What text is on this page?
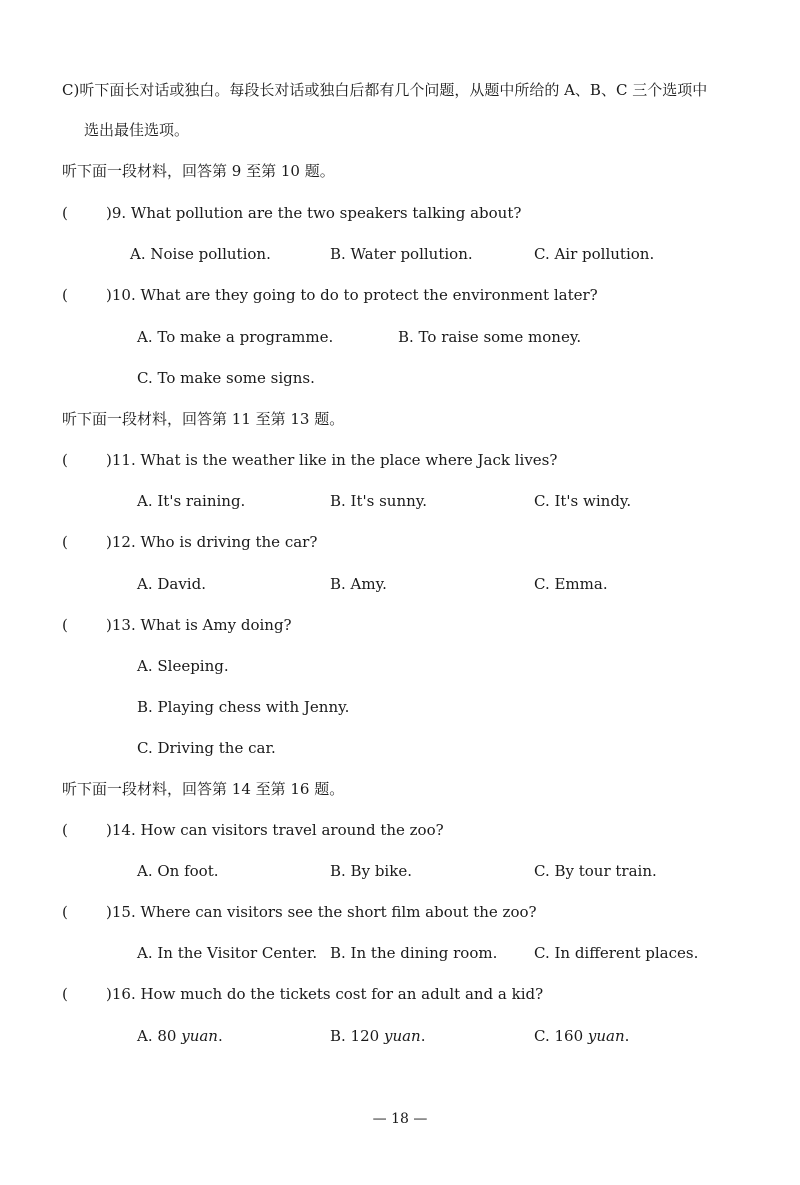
C)听下面长对话或独白。每段长对话或独白后都有几个问题，从题中所给的 A、B、C 三个选项中
选出最佳选项。
听下面一段材料，回答第 9 至第 10 题。
(	)9. What pollution are the two speakers talking about?
A. Noise pollution.	B. Water pollution.	C. Air pollution.
(	)10. What are they going to do to protect the environment later?
A. To make a programme.	B. To raise some money.
C. To make some signs.
听下面一段材料，回答第 11 至第 13 题。
(	)11. What is the weather like in the place where Jack lives?
A. It's raining.	B. It's sunny.	C. It's windy.
(	)12. Who is driving the car?
A. David.	B. Amy.	C. Emma.
(	)13. What is Amy doing?
A. Sleeping.
B. Playing chess with Jenny.
C. Driving the car.
听下面一段材料，回答第 14 至第 16 题。
(	)14. How can visitors travel around the zoo?
A. On foot.	B. By bike.	C. By tour train.
(	)15. Where can visitors see the short film about the zoo?
A. In the Visitor Center. B. In the dining room. C. In different places.
(	)16. How much do the tickets cost for an adult and a kid?
A. 80 yuan.	B. 120 yuan.	C. 160 yuan.
— 18 —
